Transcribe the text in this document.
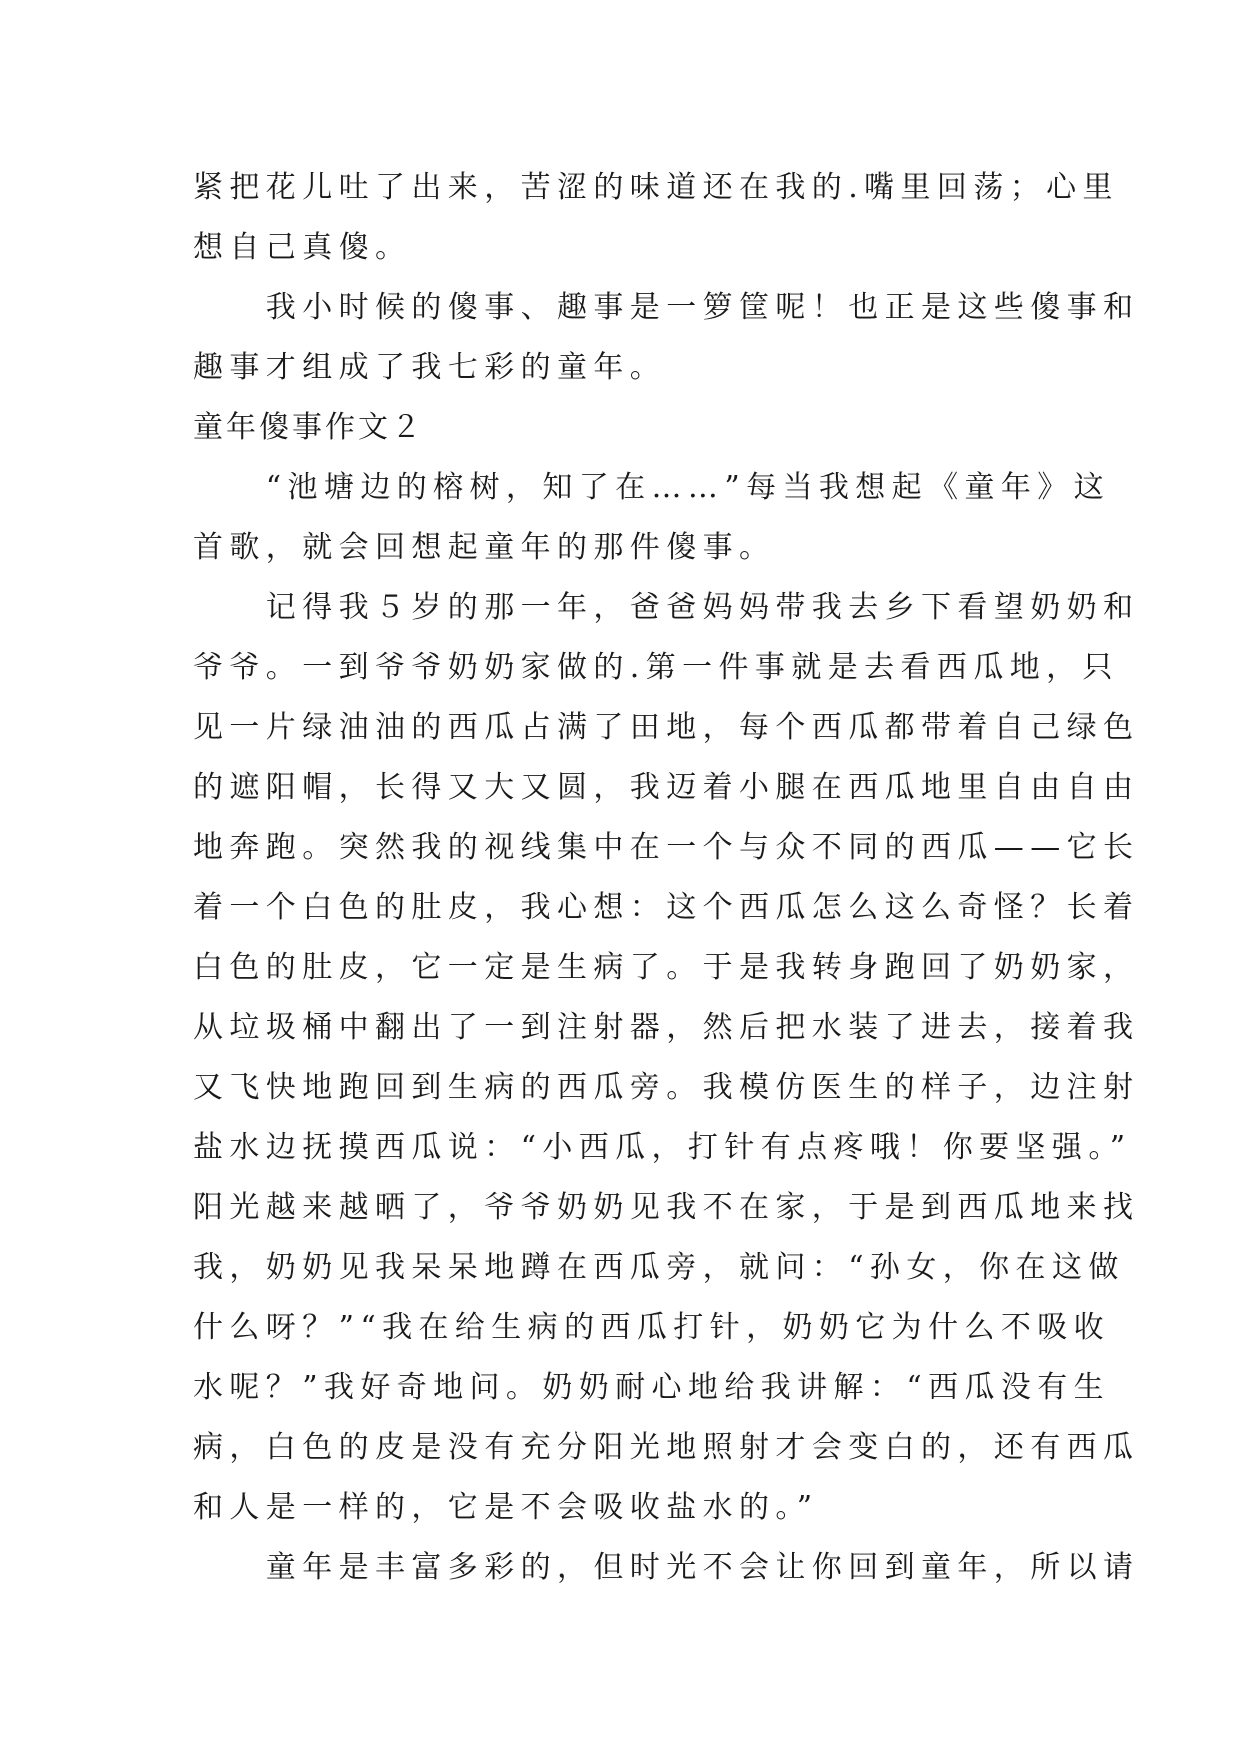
紧把花儿吐了出来，苦涩的味道还在我的.嘴里回荡；心里
想自己真傻。
　　我小时候的傻事、趣事是一箩筐呢！也正是这些傻事和
趣事才组成了我七彩的童年。
童年傻事作文２
　　“池塘边的榕树，知了在……”每当我想起《童年》这
首歌，就会回想起童年的那件傻事。
　　记得我５岁的那一年，爸爸妈妈带我去乡下看望奶奶和
爷爷。一到爷爷奶奶家做的.第一件事就是去看西瓜地，只
见一片绿油油的西瓜占满了田地，每个西瓜都带着自己绿色
的遮阳帽，长得又大又圆，我迈着小腿在西瓜地里自由自由
地奔跑。突然我的视线集中在一个与众不同的西瓜——它长
着一个白色的肚皮，我心想：这个西瓜怎么这么奇怪？长着
白色的肚皮，它一定是生病了。于是我转身跑回了奶奶家，
从垃圾桶中翻出了一到注射器，然后把水装了进去，接着我
又飞快地跑回到生病的西瓜旁。我模仿医生的样子，边注射
盐水边抚摸西瓜说：“小西瓜，打针有点疼哦！你要坚强。”
阳光越来越晒了，爷爷奶奶见我不在家，于是到西瓜地来找
我，奶奶见我呆呆地蹲在西瓜旁，就问：“孙女，你在这做
什么呀？”“我在给生病的西瓜打针，奶奶它为什么不吸收
水呢？”我好奇地问。奶奶耐心地给我讲解：“西瓜没有生
病，白色的皮是没有充分阳光地照射才会变白的，还有西瓜
和人是一样的，它是不会吸收盐水的。”
　　童年是丰富多彩的，但时光不会让你回到童年，所以请
